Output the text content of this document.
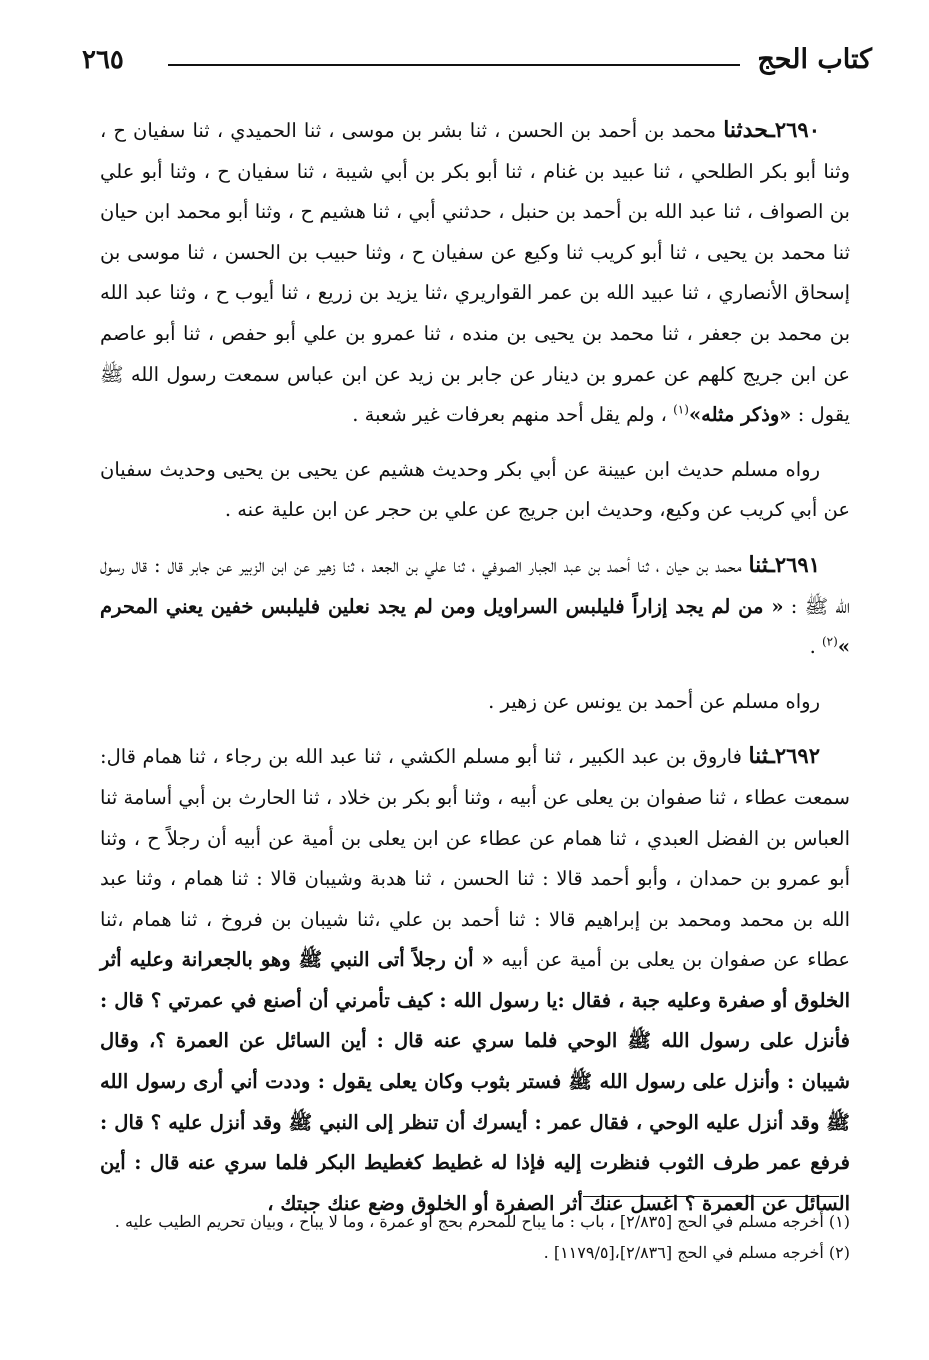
كتاب الحج
٢٦٥

٢٦٩٠ـحدثنا محمد بن أحمد بن الحسن ، ثنا بشر بن موسى ، ثنا الحميدي ، ثنا سفيان ح ، وثنا أبو بكر الطلحي ، ثنا عبيد بن غنام ، ثنا أبو بكر بن أبي شيبة ، ثنا سفيان ح ، وثنا أبو علي بن الصواف ، ثنا عبد الله بن أحمد بن حنبل ، حدثني أبي ، ثنا هشيم ح ، وثنا أبو محمد ابن حيان ثنا محمد بن يحيى ، ثنا أبو كريب ثنا وكيع عن سفيان ح ، وثنا حبيب بن الحسن ، ثنا موسى بن إسحاق الأنصاري ، ثنا عبيد الله بن عمر القواريري ،ثنا يزيد بن زريع ، ثنا أيوب ح ، وثنا عبد الله بن محمد بن جعفر ، ثنا محمد بن يحيى بن منده ، ثنا عمرو بن علي أبو حفص ، ثنا أبو عاصم عن ابن جريج كلهم عن عمرو بن دينار عن جابر بن زيد عن ابن عباس سمعت رسول الله ﷺ يقول : «وذكر مثله»$^{(١)}$ ، ولم يقل أحد منهم بعرفات غير شعبة .

رواه مسلم حديث ابن عيينة عن أبي بكر وحديث هشيم عن يحيى بن يحيى وحديث سفيان عن أبي كريب عن وكيع، وحديث ابن جريج عن علي بن حجر عن ابن علية عنه .

٢٦٩١ـثنا محمد بن حيان ، ثنا أحمد بن عبد الجبار الصوفي ، ثنا علي بن الجعد ، ثنا زهير عن ابن الزبير عن جابر قال : قال رسول الله ﷺ : « من لم يجد إزاراً فليلبس السراويل ومن لم يجد نعلين فليلبس خفين يعني المحرم »$^{(٢)}$ .

رواه مسلم عن أحمد بن يونس عن زهير .

٢٦٩٢ـثنا فاروق بن عبد الكبير ، ثنا أبو مسلم الكشي ، ثنا عبد الله بن رجاء ، ثنا همام قال: سمعت عطاء ، ثنا صفوان بن يعلى عن أبيه ، وثنا أبو بكر بن خلاد ، ثنا الحارث بن أبي أسامة ثنا العباس بن الفضل العبدي ، ثنا همام عن عطاء عن ابن يعلى بن أمية عن أبيه أن رجلاً ح ، وثنا أبو عمرو بن حمدان ، وأبو أحمد قالا : ثنا الحسن ، ثنا هدبة وشيبان قالا : ثنا همام ، وثنا عبد الله بن محمد ومحمد بن إبراهيم قالا : ثنا أحمد بن علي ،ثنا شيبان بن فروخ ، ثنا همام ،ثنا عطاء عن صفوان بن يعلى بن أمية عن أبيه « أن رجلاً أتى النبي ﷺ وهو بالجعرانة وعليه أثر الخلوق أو صفرة وعليه جبة ، فقال :يا رسول الله : كيف تأمرني أن أصنع في عمرتي ؟ قال : فأنزل على رسول الله ﷺ الوحي فلما سري عنه قال : أين السائل عن العمرة ؟، وقال شيبان : وأنزل على رسول الله ﷺ فستر بثوب وكان يعلى يقول : وددت أني أرى رسول الله ﷺ وقد أنزل عليه الوحي ، فقال عمر : أيسرك أن تنظر إلى النبي ﷺ وقد أنزل عليه ؟ قال : فرفع عمر طرف الثوب فنظرت إليه فإذا له غطيط كغطيط البكر فلما سري عنه قال : أين السائل عن العمرة ؟ اغسل عنك أثر الصفرة أو الخلوق وضع عنك جبتك ،

(١) أخرجه مسلم في الحج [٢/٨٣٥] ، باب : ما يباح للمحرم بحج أو عمرة ، وما لا يباح ، وبيان تحريم الطيب عليه .

(٢) أخرجه مسلم في الحج [٢/٨٣٦]،[١١٧٩/٥] .
